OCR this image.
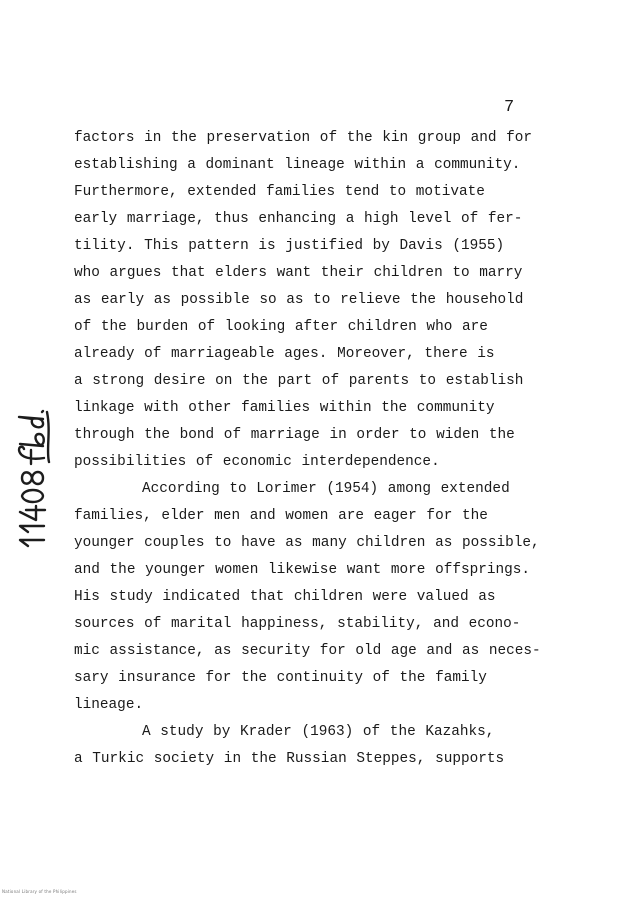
7
factors in the preservation of the kin group and for
establishing a dominant lineage within a community.
Furthermore, extended families tend to motivate
early marriage, thus enhancing a high level of fer-
tility. This pattern is justified by Davis (1955)
who argues that elders want their children to marry
as early as possible so as to relieve the household
of the burden of looking after children who are
already of marriageable ages. Moreover, there is
a strong desire on the part of parents to establish
linkage with other families within the community
through the bond of marriage in order to widen the
possibilities of economic interdependence.
According to Lorimer (1954) among extended
families, elder men and women are eager for the
younger couples to have as many children as possible,
and the younger women likewise want more offsprings.
His study indicated that children were valued as
sources of marital happiness, stability, and econo-
mic assistance, as security for old age and as neces-
sary insurance for the continuity of the family
lineage.
A study by Krader (1963) of the Kazahks,
a Turkic society in the Russian Steppes, supports
National Library of the Philippines
